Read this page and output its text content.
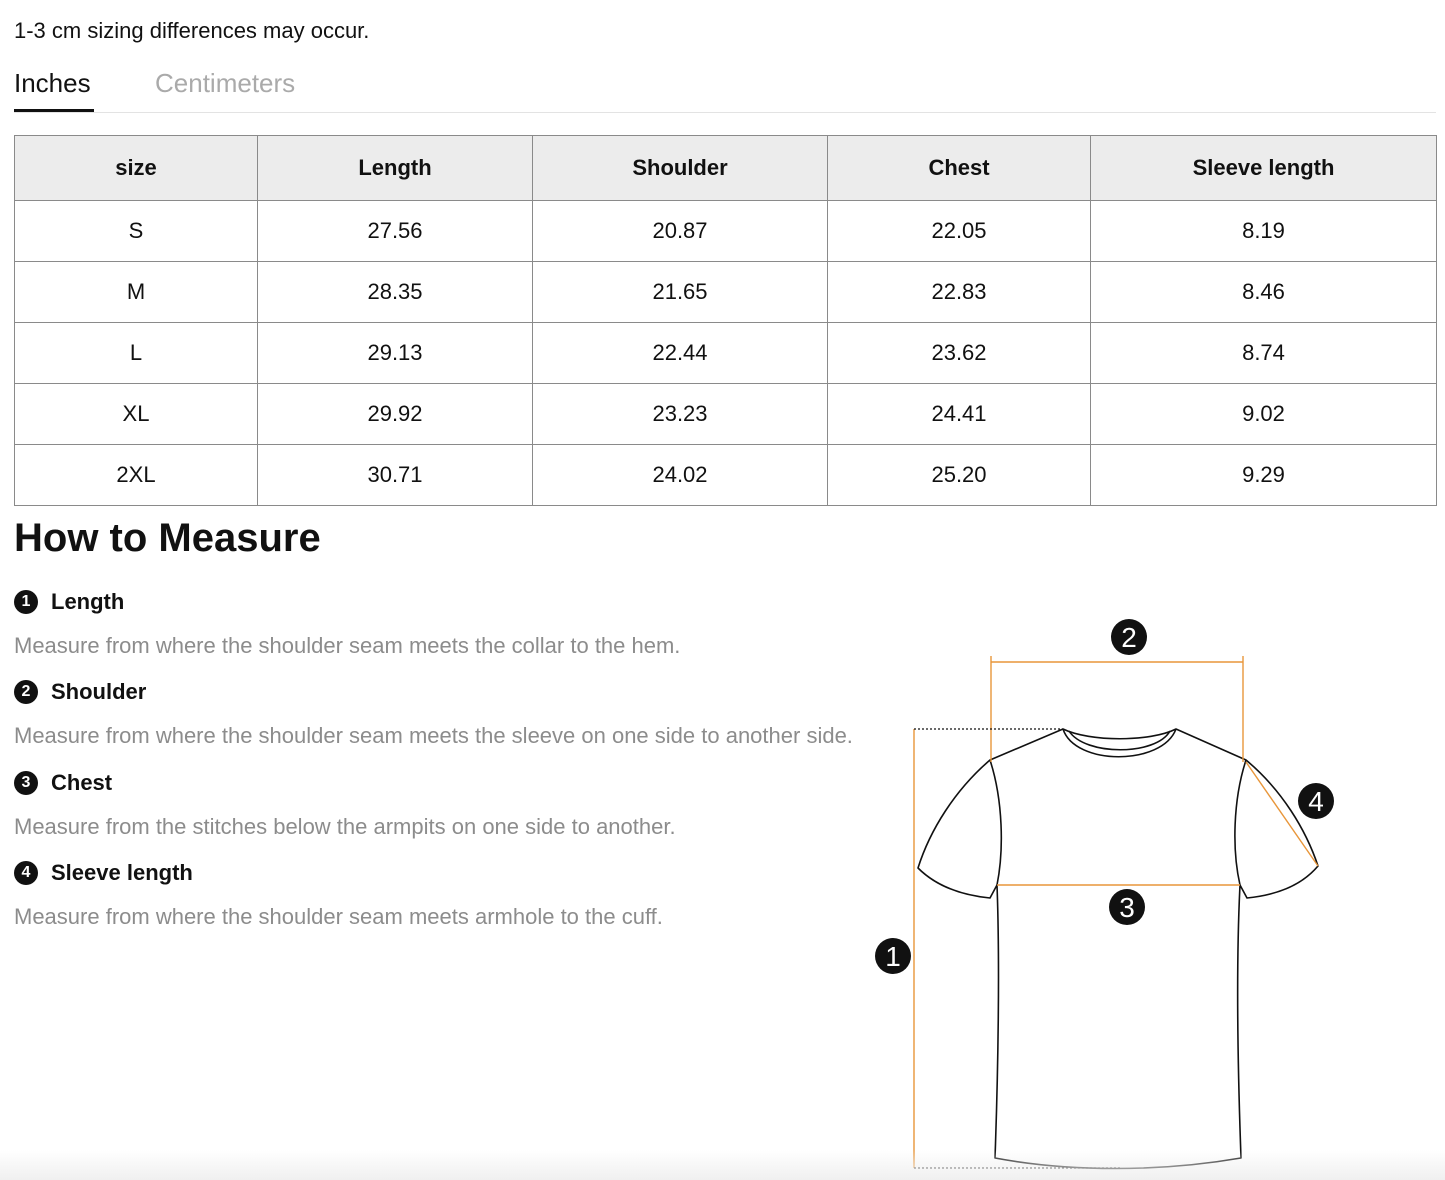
1-3 cm sizing differences may occur.
Inches Centimeters
size	Length	Shoulder	Chest	Sleeve length
S	27.56	20.87	22.05	8.19
M	28.35	21.65	22.83	8.46
L	29.13	22.44	23.62	8.74
XL	29.92	23.23	24.41	9.02
2XL	30.71	24.02	25.20	9.29
How to Measure
1 Length
Measure from where the shoulder seam meets the collar to the hem.
2 Shoulder
Measure from where the shoulder seam meets the sleeve on one side to another side.
3 Chest
Measure from the stitches below the armpits on one side to another.
4 Sleeve length
Measure from where the shoulder seam meets armhole to the cuff.
2
3
4
1
